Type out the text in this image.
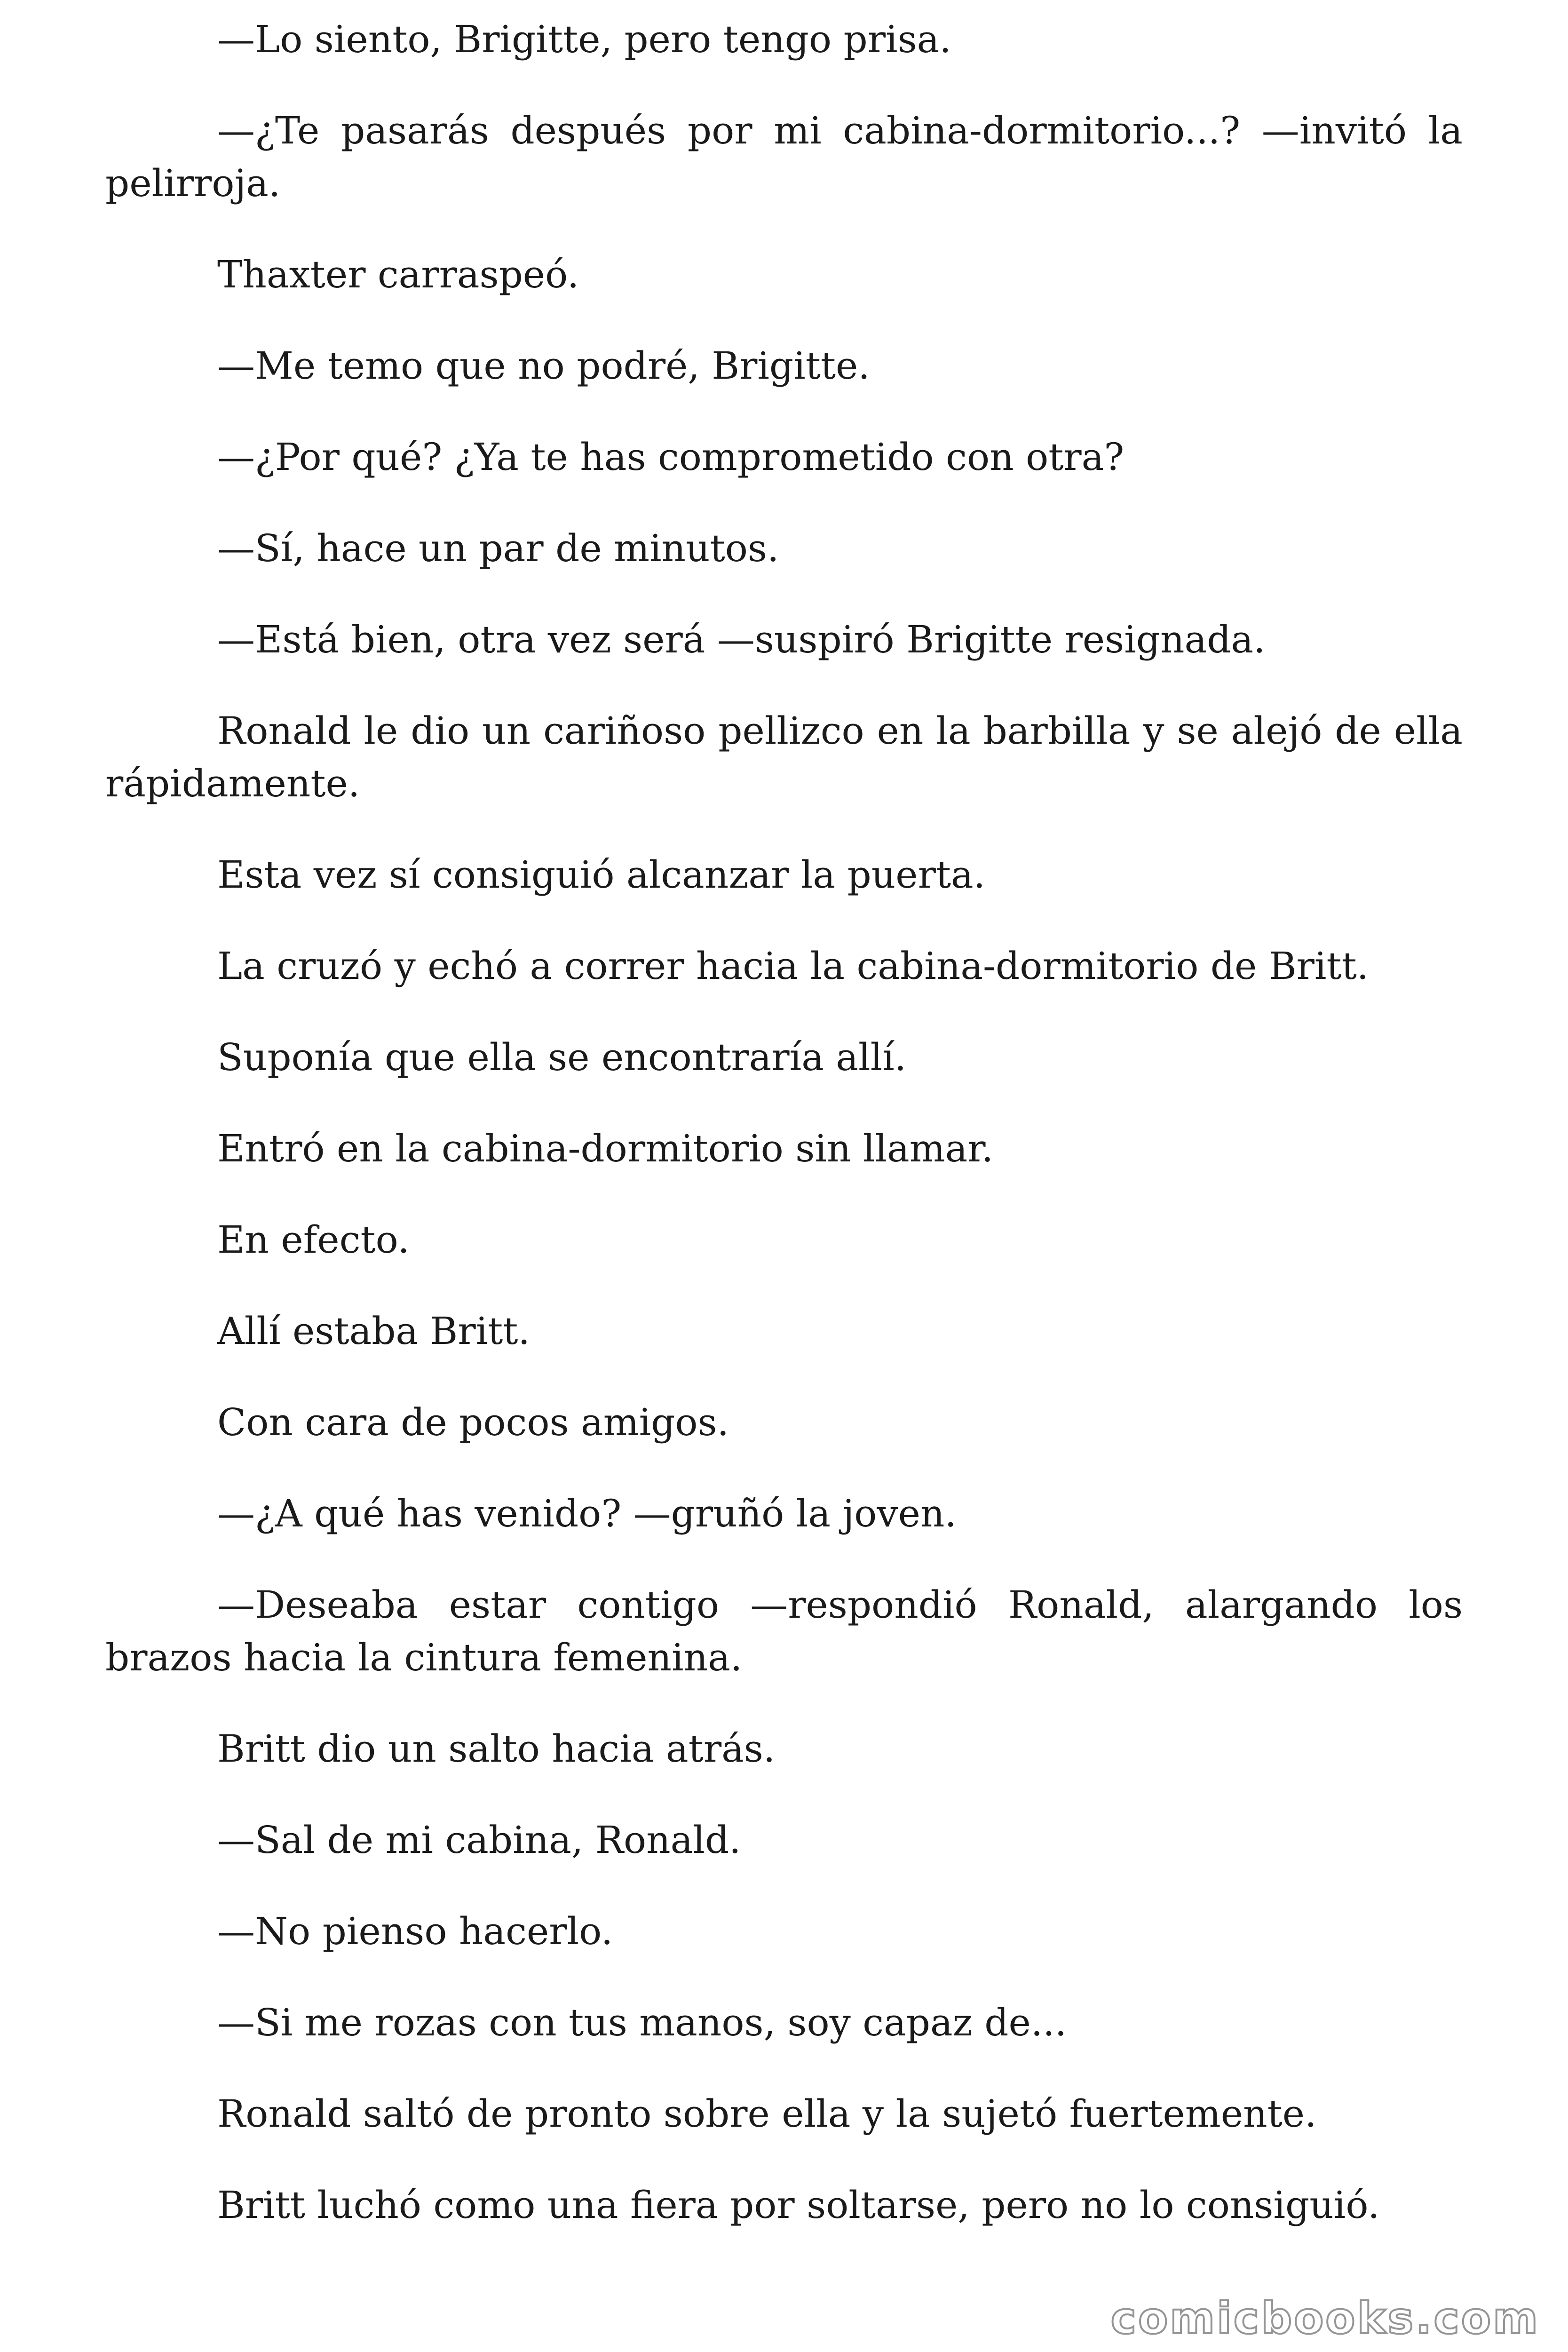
—Lo siento, Brigitte, pero tengo prisa.

—¿Te pasarás después por mi cabina-dormitorio...? —invitó la pelirroja.

Thaxter carraspeó.

—Me temo que no podré, Brigitte.

—¿Por qué? ¿Ya te has comprometido con otra?

—Sí, hace un par de minutos.

—Está bien, otra vez será —suspiró Brigitte resignada.

Ronald le dio un cariñoso pellizco en la barbilla y se alejó de ella rápidamente.

Esta vez sí consiguió alcanzar la puerta.

La cruzó y echó a correr hacia la cabina-dormitorio de Britt.

Suponía que ella se encontraría allí.

Entró en la cabina-dormitorio sin llamar.

En efecto.

Allí estaba Britt.

Con cara de pocos amigos.

—¿A qué has venido? —gruñó la joven.

—Deseaba estar contigo —respondió Ronald, alargando los brazos hacia la cintura femenina.

Britt dio un salto hacia atrás.

—Sal de mi cabina, Ronald.

—No pienso hacerlo.

—Si me rozas con tus manos, soy capaz de...

Ronald saltó de pronto sobre ella y la sujetó fuertemente.

Britt luchó como una fiera por soltarse, pero no lo consiguió.

comicbooks.com
